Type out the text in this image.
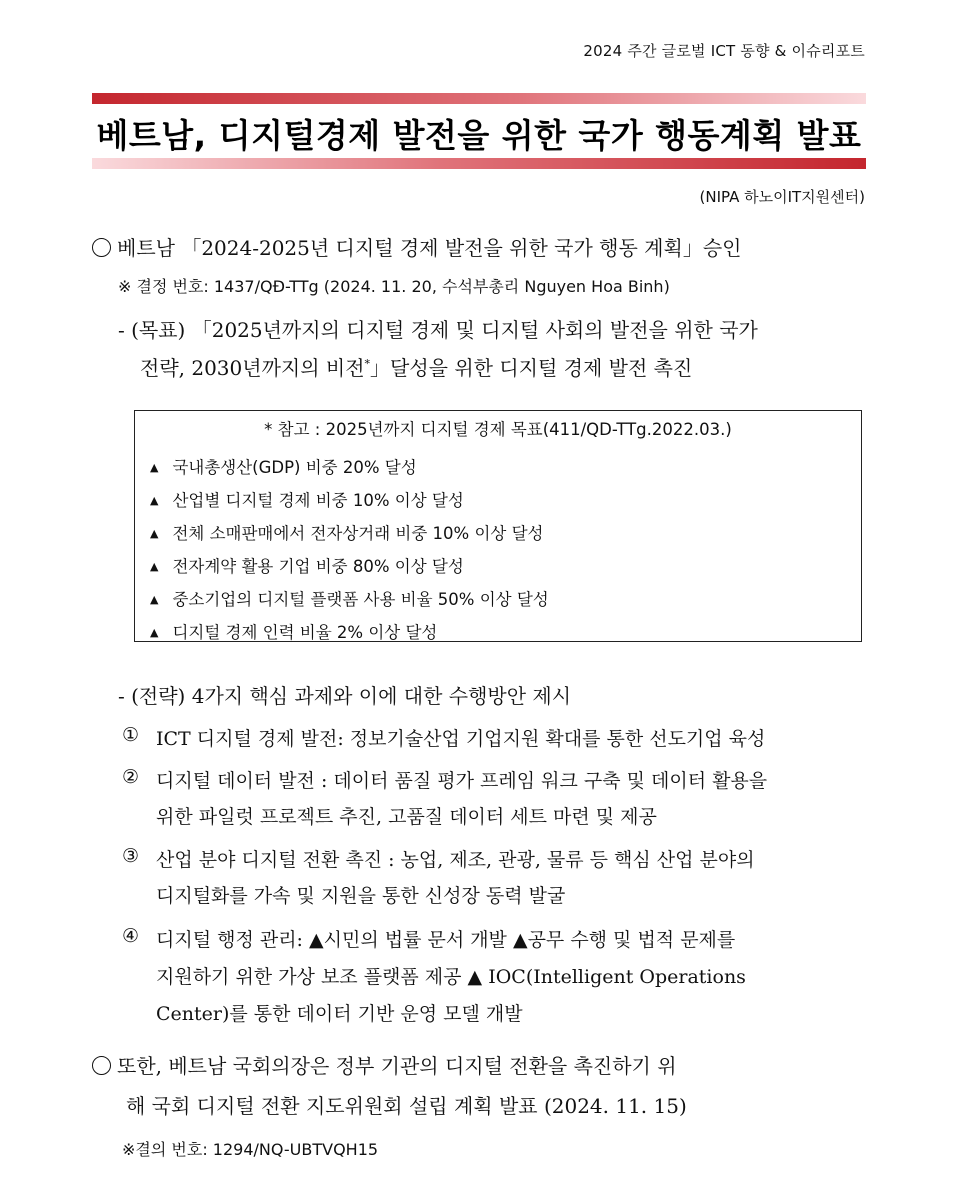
2024 주간 글로벌 ICT 동향 & 이슈리포트
베트남, 디지털경제 발전을 위한 국가 행동계획 발표
(NIPA 하노이IT지원센터)
베트남 「2024-2025년 디지털 경제 발전을 위한 국가 행동 계획」승인
※ 결정 번호: 1437/QĐ-TTg (2024. 11. 20, 수석부총리 Nguyen Hoa Binh)
- (목표) 「2025년까지의 디지털 경제 및 디지털 사회의 발전을 위한 국가
전략, 2030년까지의 비전*」달성을 위한 디지털 경제 발전 촉진
* 참고 : 2025년까지 디지털 경제 목표(411/QD-TTg.2022.03.)
▲ 국내총생산(GDP) 비중 20% 달성
▲ 산업별 디지털 경제 비중 10% 이상 달성
▲ 전체 소매판매에서 전자상거래 비중 10% 이상 달성
▲ 전자계약 활용 기업 비중 80% 이상 달성
▲ 중소기업의 디지털 플랫폼 사용 비율 50% 이상 달성
▲ 디지털 경제 인력 비율 2% 이상 달성
- (전략) 4가지 핵심 과제와 이에 대한 수행방안 제시
① ICT 디지털 경제 발전: 정보기술산업 기업지원 확대를 통한 선도기업 육성
② 디지털 데이터 발전 : 데이터 품질 평가 프레임 워크 구축 및 데이터 활용을
위한 파일럿 프로젝트 추진, 고품질 데이터 세트 마련 및 제공
③ 산업 분야 디지털 전환 촉진 : 농업, 제조, 관광, 물류 등 핵심 산업 분야의
디지털화를 가속 및 지원을 통한 신성장 동력 발굴
④ 디지털 행정 관리: ▲시민의 법률 문서 개발 ▲공무 수행 및 법적 문제를
지원하기 위한 가상 보조 플랫폼 제공 ▲ IOC(Intelligent Operations
Center)를 통한 데이터 기반 운영 모델 개발
또한, 베트남 국회의장은 정부 기관의 디지털 전환을 촉진하기 위
해 국회 디지털 전환 지도위원회 설립 계획 발표 (2024. 11. 15)
※결의 번호: 1294/NQ-UBTVQH15
